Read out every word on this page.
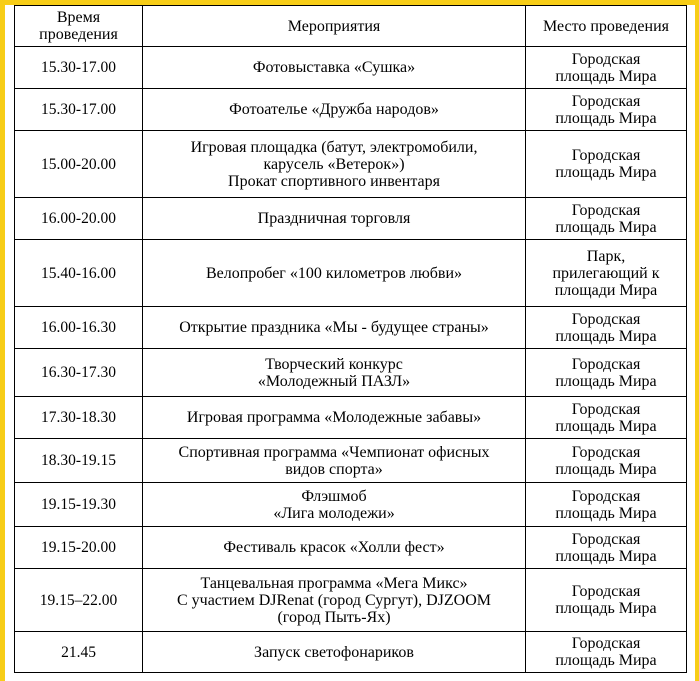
Время
проведения	Мероприятия	Место проведения
15.30-17.00	Фотовыставка «Сушка»	Городская
площадь Мира

15.30-17.00	Фотоателье «Дружба народов»	Городская
площадь Мира

15.00-20.00	Игровая площадка (батут, электромобили,
карусель «Ветерок»)
Прокат спортивного инвентаря	Городская
площадь Мира

16.00-20.00	Праздничная торговля	Городская
площадь Мира

15.40-16.00	Велопробег «100 километров любви»	Парк,
прилегающий к
площади Мира

16.00-16.30	Открытие праздника «Мы - будущее страны»	Городская
площадь Мира

16.30-17.30	Творческий конкурс
«Молодежный ПАЗЛ»	Городская
площадь Мира

17.30-18.30	Игровая программа «Молодежные забавы»	Городская
площадь Мира

18.30-19.15	Спортивная программа «Чемпионат офисных
видов спорта»	Городская
площадь Мира

19.15-19.30	Флэшмоб
«Лига молодежи»	Городская
площадь Мира

19.15-20.00	Фестиваль красок «Холли фест»	Городская
площадь Мира

19.15–22.00	Танцевальная программа «Мега Микс»
С участием DJRenat (город Сургут), DJZOOM
(город Пыть-Ях)	Городская
площадь Мира

21.45	Запуск светофонариков	Городская
площадь Мира
